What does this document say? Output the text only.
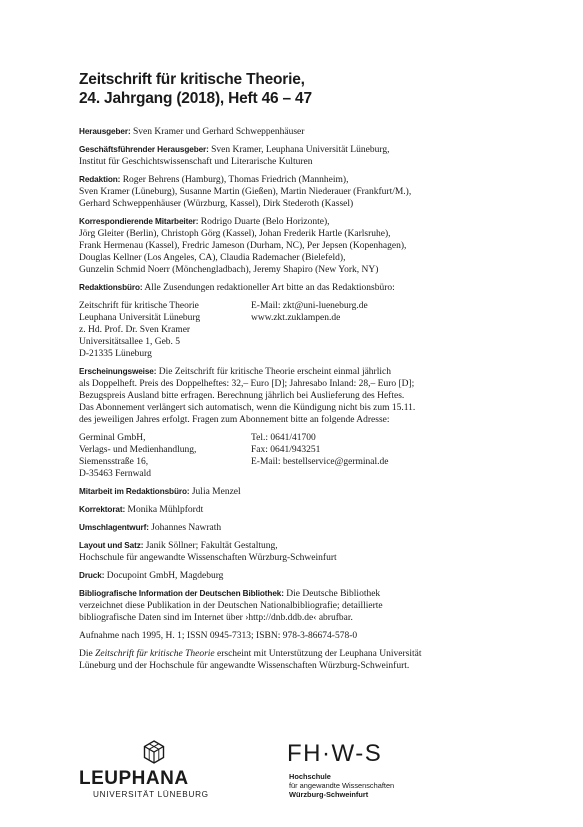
Zeitschrift für kritische Theorie,
24. Jahrgang (2018), Heft 46 – 47
Herausgeber: Sven Kramer und Gerhard Schweppenhäuser
Geschäftsführender Herausgeber: Sven Kramer, Leuphana Universität Lüneburg,
Institut für Geschichtswissenschaft und Literarische Kulturen
Redaktion: Roger Behrens (Hamburg), Thomas Friedrich (Mannheim),
Sven Kramer (Lüneburg), Susanne Martin (Gießen), Martin Niederauer (Frankfurt/M.),
Gerhard Schweppenhäuser (Würzburg, Kassel), Dirk Stederoth (Kassel)
Korrespondierende Mitarbeiter: Rodrigo Duarte (Belo Horizonte),
Jörg Gleiter (Berlin), Christoph Görg (Kassel), Johan Frederik Hartle (Karlsruhe),
Frank Hermenau (Kassel), Fredric Jameson (Durham, NC), Per Jepsen (Kopenhagen),
Douglas Kellner (Los Angeles, CA), Claudia Rademacher (Bielefeld),
Gunzelin Schmid Noerr (Mönchengladbach), Jeremy Shapiro (New York, NY)
Redaktionsbüro: Alle Zusendungen redaktioneller Art bitte an das Redaktionsbüro:
Zeitschrift für kritische Theorie
Leuphana Universität Lüneburg
z. Hd. Prof. Dr. Sven Kramer
Universitätsallee 1, Geb. 5
D-21335 Lüneburg
E-Mail: zkt@uni-lueneburg.de
www.zkt.zuklampen.de
Erscheinungsweise: Die Zeitschrift für kritische Theorie erscheint einmal jährlich
als Doppelheft. Preis des Doppelheftes: 32,– Euro [D]; Jahresabo Inland: 28,– Euro [D];
Bezugspreis Ausland bitte erfragen. Berechnung jährlich bei Auslieferung des Heftes.
Das Abonnement verlängert sich automatisch, wenn die Kündigung nicht bis zum 15.11.
des jeweiligen Jahres erfolgt. Fragen zum Abonnement bitte an folgende Adresse:
Germinal GmbH,
Verlags- und Medienhandlung,
Siemensstraße 16,
D-35463 Fernwald
Tel.: 0641/41700
Fax: 0641/943251
E-Mail: bestellservice@germinal.de
Mitarbeit im Redaktionsbüro: Julia Menzel
Korrektorat: Monika Mühlpfordt
Umschlagentwurf: Johannes Nawrath
Layout und Satz: Janik Söllner; Fakultät Gestaltung,
Hochschule für angewandte Wissenschaften Würzburg-Schweinfurt
Druck: Docupoint GmbH, Magdeburg
Bibliografische Information der Deutschen Bibliothek: Die Deutsche Bibliothek
verzeichnet diese Publikation in der Deutschen Nationalbibliografie; detaillierte
bibliografische Daten sind im Internet über ›http://dnb.ddb.de‹ abrufbar.
Aufnahme nach 1995, H. 1; ISSN 0945-7313; ISBN: 978-3-86674-578-0
Die Zeitschrift für kritische Theorie erscheint mit Unterstützung der Leuphana Universität
Lüneburg und der Hochschule für angewandte Wissenschaften Würzburg-Schweinfurt.
LEUPHANA
UNIVERSITÄT LÜNEBURG
FH·W-S
Hochschule
für angewandte Wissenschaften
Würzburg-Schweinfurt
